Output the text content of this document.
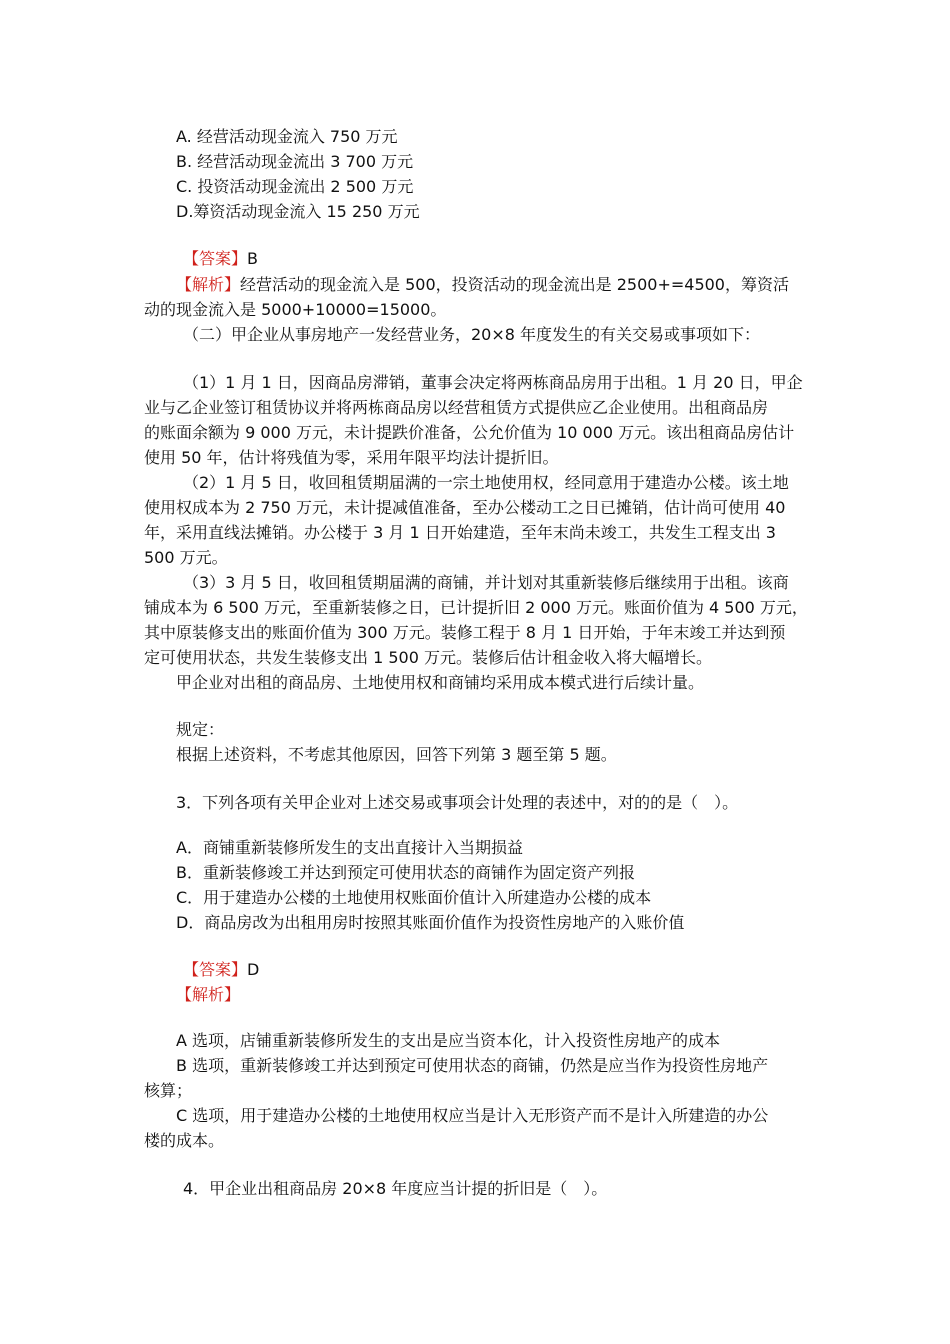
A. 经营活动现金流入 750 万元
B. 经营活动现金流出 3 700 万元
C. 投资活动现金流出 2 500 万元
D.筹资活动现金流入 15 250 万元
【答案】B
【解析】经营活动的现金流入是 500，投资活动的现金流出是 2500+=4500，筹资活
动的现金流入是 5000+10000=15000。
（二）甲企业从事房地产一发经营业务，20×8 年度发生的有关交易或事项如下：
（1）1 月 1 日，因商品房滞销，董事会决定将两栋商品房用于出租。1 月 20 日，甲企
业与乙企业签订租赁协议并将两栋商品房以经营租赁方式提供应乙企业使用。出租商品房
的账面余额为 9 000 万元，未计提跌价准备，公允价值为 10 000 万元。该出租商品房估计
使用 50 年，估计将残值为零，采用年限平均法计提折旧。
（2）1 月 5 日，收回租赁期届满的一宗土地使用权，经同意用于建造办公楼。该土地
使用权成本为 2 750 万元，未计提减值准备，至办公楼动工之日已摊销，估计尚可使用 40
年，采用直线法摊销。办公楼于 3 月 1 日开始建造，至年末尚未竣工，共发生工程支出 3
500 万元。
（3）3 月 5 日，收回租赁期届满的商铺，并计划对其重新装修后继续用于出租。该商
铺成本为 6 500 万元，至重新装修之日，已计提折旧 2 000 万元。账面价值为 4 500 万元，
其中原装修支出的账面价值为 300 万元。装修工程于 8 月 1 日开始，于年末竣工并达到预
定可使用状态，共发生装修支出 1 500 万元。装修后估计租金收入将大幅增长。
甲企业对出租的商品房、土地使用权和商铺均采用成本模式进行后续计量。
规定：
根据上述资料，不考虑其他原因，回答下列第 3 题至第 5 题。
3．下列各项有关甲企业对上述交易或事项会计处理的表述中，对的的是（　）。
A．商铺重新装修所发生的支出直接计入当期损益
B．重新装修竣工并达到预定可使用状态的商铺作为固定资产列报
C．用于建造办公楼的土地使用权账面价值计入所建造办公楼的成本
D．商品房改为出租用房时按照其账面价值作为投资性房地产的入账价值
【答案】D
【解析】
A 选项，店铺重新装修所发生的支出是应当资本化，计入投资性房地产的成本
B 选项，重新装修竣工并达到预定可使用状态的商铺，仍然是应当作为投资性房地产
核算；
C 选项，用于建造办公楼的土地使用权应当是计入无形资产而不是计入所建造的办公
楼的成本。
4．甲企业出租商品房 20×8 年度应当计提的折旧是（　）。
